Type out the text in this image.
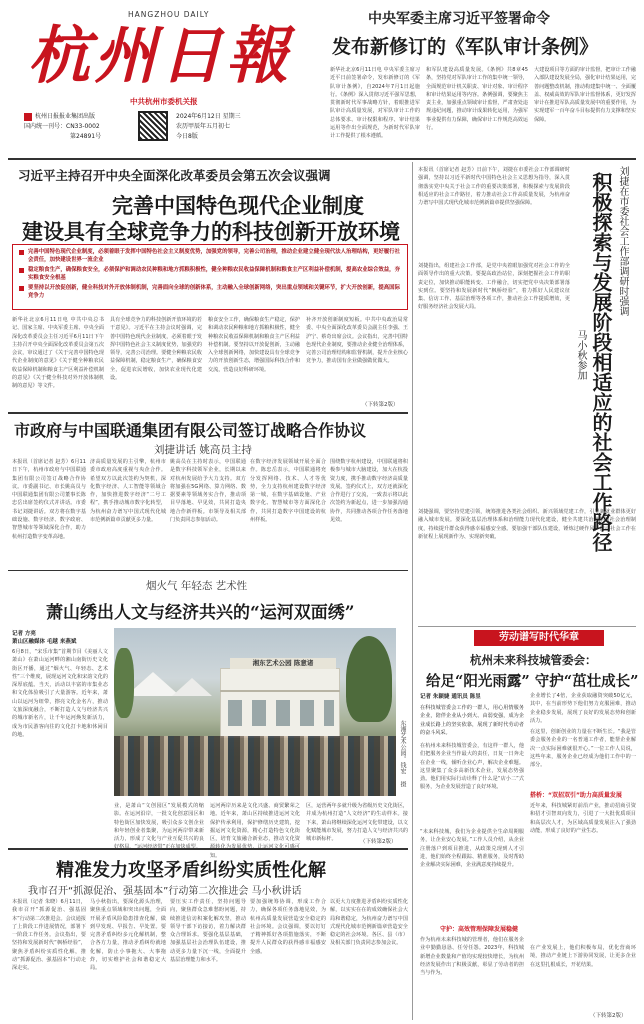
HANGZHOU DAILY
杭州日報
中共杭州市委机关报
杭州日报报业集团出版
国内统一刊号：CN33-0002
第24891号
2024年6月12日 星期三
农历甲辰年五月初七
今日8版
中央军委主席习近平签署命令
发布新修订的《军队审计条例》
新华社北京6月11日电 中央军委主席习近平日前签署命令，发布新修订的《军队审计条例》，自2024年7月1日起施行。《条例》深入贯彻习近平强军思想，贯彻新时代军事战略方针，着眼推进军队审计高质量发展，对军队审计工作的总体要求、审计权限和程序、审计结果运用等作出全面规范，为新时代军队审计工作提供了根本遵循。
和军队建设高质量发展。《条例》共8章45条，坚持党对军队审计工作的集中统一领导，全面规范审计机关职责、审计对象、审计程序和审计结果运用等内容。条例强调，要聚焦主责主业，加强重点领域审计监督，严肃查处违规违纪问题，推动审计成果转化运用，为强军事业提供有力保障，确保审计工作规范高效运行。
大建设项目等方面的审计监督，把审计工作融入部队建设发展全局，强化审计结果运用，完善问题整改机制，推动构建集中统一、全面覆盖、权威高效的军队审计监督体系，更好发挥审计在推进军队高质量发展中的重要作用，为实现建军一百年奋斗目标提供有力支撑和坚实保障。
习近平主持召开中央全面深化改革委员会第五次会议强调
完善中国特色现代企业制度
建设具有全球竞争力的科技创新开放环境
完善中国特色现代企业制度，必须着眼于发挥中国特色社会主义制度优势，加强党的领导，完善公司治理，推动企业建立健全现代法人治理结构，更好履行社会责任，加快建设世界一流企业
稳定粮食生产，确保粮食安全，必须保护和调动农民种粮和地方抓粮积极性，健全种粮农民收益保障机制和粮食主产区利益补偿机制，提高农业综合效益，夯实粮食安全根基
要坚持以开放促创新，健全科技对外开放体制机制，完善面向全球的创新体系，主动融入全球创新网络，突出重点领域和关键环节，扩大开放创新，提高国际竞争力
新华社北京6月11日电 中共中央总书记、国家主席、中央军委主席、中央全面深化改革委员会主任习近平6月11日下午主持召开中央全面深化改革委员会第五次会议，审议通过了《关于完善中国特色现代企业制度的意见》《关于健全种粮农民收益保障机制和粮食主产区利益补偿机制的意见》《关于健全科技对外开放体制机制的意见》等文件。
具有全球竞争力的科技创新开放环境的若干意见》。习近平在主持会议时强调，完善中国特色现代企业制度，必须着眼于发挥中国特色社会主义制度优势，加强党的领导，完善公司治理。要健全种粮农民收益保障机制，稳定粮食生产，确保粮食安全，促进农民增收，加快农业现代化建设。
粮食安全工作，确保粮食生产稳定，保护和调动农民种粮和地方抓粮积极性，健全种粮农民收益保障机制和粮食主产区利益补偿机制。要坚持以开放促创新，主动融入全球创新网络，加快建设具有全球竞争力的开放创新生态，增强国际科技合作和交流，营造良好科研环境。
补齐开放创新制度短板。中共中央政治局常委、中央全面深化改革委员会副主任李强、王沪宁、蔡奇出席会议。会议指出，完善中国特色现代企业制度，要推动企业健全治理体系，完善公司治理结构和监督机制，提升企业核心竞争力，推动国有企业做强做优做大。
（下转第2版）
本报讯（首席记者 赵芳）日前下午，刘捷在市委社会工作部调研时强调，坚持以习近平新时代中国特色社会主义思想为指导，深入贯彻落实党中央关于社会工作的重要决策部署，积极探索与发展阶段相适应的社会工作路径，着力推动社会工作高质量发展，为杭州奋力谱写中国式现代化城市范例新篇章提供坚强保障。
刘捷指出，组建社会工作部，是党中央着眼加强党对社会工作的全面领导作出的重大决策。要提高政治站位，深刻把握社会工作的职责定位，加快推动职能转变、工作融合，切实把党中央决策部署落实到位。要坚持和发展新时代“枫桥经验”，着力抓好人民建议征集、信访工作、基层治理等各项工作，推动社会工作提质增效，更好服务经济社会发展大局。
刘捷强调，要坚持党建引领，统筹推进各类社会组织、新兴领域党建工作，引导新就业群体更好融入城市发展。要深化基层治理体系和治理能力现代化建设，健全共建共治共享的社会治理制度，持续提升群众获得感幸福感安全感。要加强干部队伍建设，锤炼过硬作风，推动社会工作在新征程上展现新作为、实现新突破。	积极探索与发展阶段相适应的社会工作路径 刘捷在市委社会工作部调研时强调
马小秋参加
市政府与中国联通集团有限公司签订战略合作协议
刘捷讲话 姚高员主持
本报讯（首席记者 赵芳）6月11日下午，杭州市政府与中国联通集团有限公司签订战略合作协议。市委副书记、市长姚高员与中国联通集团有限公司董事长陈忠岳出席签约仪式并讲话。市委书记刘捷讲话。双方将在数字基础设施、数字经济、数字政府、智慧城市等领域深化合作，助力杭州打造数字变革高地。
济高质量发展的主引擎，杭州市委市政府高度重视与央企合作。希望双方以此次签约为契机，深化数字经济、人工智能等领域合作，加快推进数字经济“二号工程”，携手推动城市数字化转型，为杭州奋力谱写中国式现代化城市范例新篇章贡献更多力量。
姚高员在主持时表示，中国联通是数字科技领军企业，长期以来对杭州发展给予大力支持。双方将加强在5G网络、算力网络、数据要素等领域务实合作，推动项目早落地、早见效，共同打造央地合作新样板。市领导及相关部门负责同志参加活动。
在数字经济发展领域开展全面合作。陈忠岳表示，中国联通将充分发挥网络、技术、人才等优势，全力支持杭州建设数字经济第一城，在数字基础设施、产业数字化、智慧城市等方面深化合作，共同打造数字中国建设的杭州样板。
围绕数字杭州建设，中国联通将积极参与城市大脑建设，加大在杭投资力度，携手推动数字经济高质量发展。签约仪式上，双方还就深化合作进行了交流，一致表示将以此次签约为新起点，进一步加强沟通协作，共同推动各项合作任务落地见效。
烟火气 年轻态 艺术性
萧山绣出人文与经济共兴的“运河双面绣”
记者 方亮
萧山区融媒体 毛越 来燕斌
6月8日，“宋乐市集”首期节目《美丽人文萧山》在萧山运河畔的湘山南街历史文化街区开播，通过“烟火气、年轻态、艺术性”三个维度，展现运河文化和宋韵文化的深厚底蕴。当天，活动以丰富的市集业态和文化体验吸引了大量游客。近年来，萧山以运河为纽带，擦亮文化金名片，推动文旅深度融合，不断打造人文与经济共兴的城市新名片，让千年运河焕发新活力，成为市民游客向往的文化打卡地和休闲目的地。
湘东艺术公园 陈意诸
东湘艺术公园。钱宏 摄
业，是萧山“文创园区”发展模式的缩影。在运河沿岸，一批文化创意园区和特色街区加快发展，吸引众多文创企业和年轻创业者集聚，为运河两岸带来新活力，形成了文化与产业互促共兴的良
运河两岸历来是文化兴盛、商贸繁荣之地。近年来，萧山区持续推进运河文化保护传承利用，保护修缮历史建筑，挖掘运河文化资源，精心打造特色文化街区，培育文旅融合新业态，推动文化资 知。
区，运营两年多就升级为省级历史文化街区，并成为杭州打造“人文经济”的生动样本。接下来，萧山将继续深化运河文化带建设，以文化赋能城市发展，努力打造人文与经济共兴的城市新标杆。	（下转第2版）
精准发力攻坚矛盾纠纷实质性化解
我市召开“抓源促治、强基固本”行动第二次推进会 马小秋讲话
本报讯（记者 朱晓）6月11日，我市召开“抓源促治、强基固本”行动第二次推进会。会议通报了上阶段工作进展情况，部署下一阶段工作任务。会议指出，要坚持和发展新时代“枫桥经验”，聚焦矛盾纠纷实质性化解，推动“抓源促治、强基固本”行动走深走实。
马小秋指出，要深化源头治理，聚焦重点领域和突出问题，全面开展矛盾风险隐患排查化解，做到早发现、早报告、早处置。要完善矛盾纠纷多元化解机制，整合各方力量，推动矛盾纠纷就地化解，防止小事拖大、大事拖炸，切实维护社会和谐稳定大局。
要压实工作责任，坚持问题导向，聚焦群众急难愁盼问题，持续推进信访积案化解攻坚，推动领导干部下访接访，着力解决群众合理诉求。要强化基层基础，加强基层社会治理队伍建设，推动更多力量下沉一线，全面提升基层治理能力和水平。
要加强统筹协调，形成工作合力，确保各项任务落地见效，为杭州高质量发展营造安全稳定的社会环境。会议强调，要以钉钉子精神抓好各项措施落实，不断提升人民群众的获得感幸福感安全感。
以更大力度推进矛盾纠纷实质性化解，以实实在在的成效确保社会大局和谐稳定，为杭州奋力谱写中国式现代化城市范例新篇章营造安全稳定的社会环境。各区、县（市）及相关部门负责同志参加会议。
劳动谱写时代华章
杭州未来科技城管委会：
给足“阳光雨露” 守护“茁壮成长”
记者 朱颖婕 通讯员 陈昱
在科技城管委会工作的一群人，用心用情服务企业，陪伴企业从小到大、由弱变强，成为企业成长路上的坚实依靠，展现了新时代劳动者的奋斗风采。
在杭州未来科技城管委会，有这样一群人，他们把服务企业当作最大的责任，日复一日奔走在企业一线，倾听企业心声，解决企业难题。这里聚集了众多高新技术企业，发展态势强劲。他们用实际行动诠释了什么是“店小二”式服务，为企业发展营造了良好环境。
“未来科技城，我们为企业提供全生命周期服务，让企业安心发展。”工作人员介绍，从企业注册落户到项目推进，从政策兑现到人才引进，他们始终全程跟踪、精准服务，及时帮助企业解决实际困难，企业满意度持续提升。
守护：高效管理保障发展稳健
作为杭州未来科技城的管理者，他们在服务企业中勤勤恳恳、任劳任怨。2023年，科技城新增企业数量和产值均实现较快增长，为杭州经济发展作出了积极贡献，彰显了劳动者的担当与作为。
企业增长了4倍，企业获取融资突破50亿元，其中，在当前形势下他们努力克服困难，推动企业稳步发展，展现了良好的发展态势和创新活力。
在这里，创新创业的力量在不断生长。“我是管委会服务企业的一名普通工作者，能帮企业解决一点实际困难就很开心。”一位工作人员说，这些年来，服务企业已经成为他们工作中的一部分。
搭桥：“双招双引”助力高质量发展
近年来，科技城紧盯前沿产业，推动招商引资和招才引智双向发力，引进了一大批优质项目和高层次人才，为区域高质量发展注入了强劲动能，形成了良好的产业生态。
在产业发展上，他们积极布局，优化营商环境，推动产业链上下游协同发展，让更多企业在这里扎根成长，开花结果。
（下转第2版）
